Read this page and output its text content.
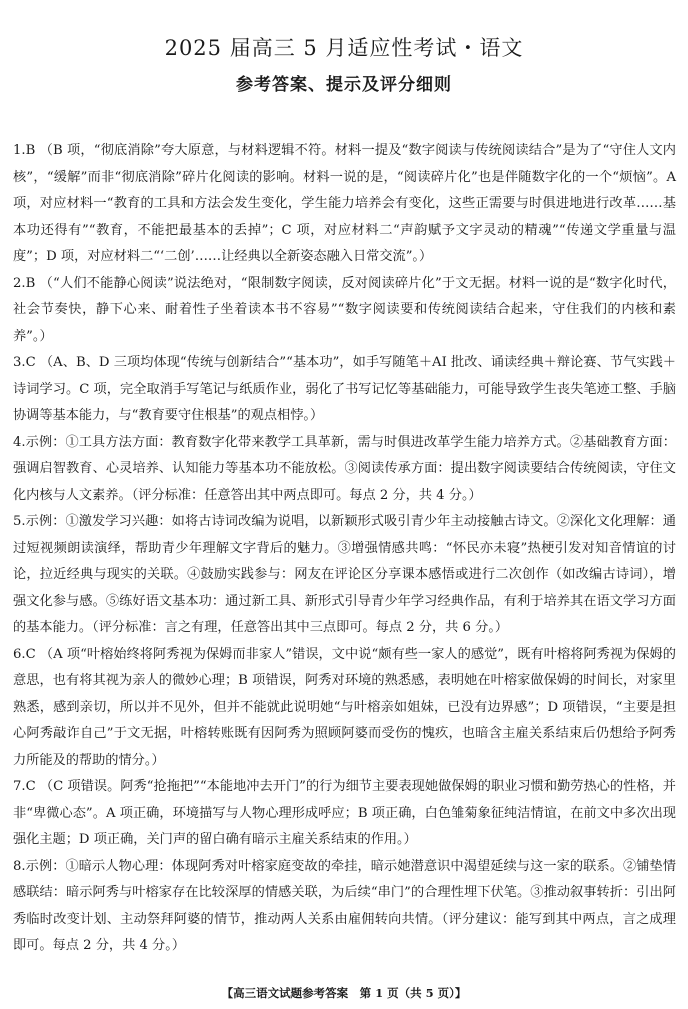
2025 届高三 5 月适应性考试・语文
参考答案、提示及评分细则

1.B （B 项，“彻底消除”夸大原意，与材料逻辑不符。材料一提及“数字阅读与传统阅读结合”是为了“守住人文内核”，“缓解”而非“彻底消除”碎片化阅读的影响。材料一说的是，“阅读碎片化”也是伴随数字化的一个“烦恼”。A 项，对应材料一“教育的工具和方法会发生变化，学生能力培养会有变化，这些正需要与时俱进地进行改革……基本功还得有”“教育，不能把最基本的丢掉”；C 项，对应材料二“声韵赋予文字灵动的精魂”“传递文学重量与温度”；D 项，对应材料二“‘二创’……让经典以全新姿态融入日常交流”。）

2.B （“人们不能静心阅读”说法绝对，“限制数字阅读，反对阅读碎片化”于文无据。材料一说的是“数字化时代，社会节奏快，静下心来、耐着性子坐着读本书不容易”“数字阅读要和传统阅读结合起来，守住我们的内核和素养”。）

3.C （A、B、D 三项均体现“传统与创新结合”“基本功”，如手写随笔＋AI 批改、诵读经典＋辩论赛、节气实践＋诗词学习。C 项，完全取消手写笔记与纸质作业，弱化了书写记忆等基础能力，可能导致学生丧失笔迹工整、手脑协调等基本能力，与“教育要守住根基”的观点相悖。）

4.示例：①工具方法方面：教育数字化带来教学工具革新，需与时俱进改革学生能力培养方式。②基础教育方面：强调启智教育、心灵培养、认知能力等基本功不能放松。③阅读传承方面：提出数字阅读要结合传统阅读，守住文化内核与人文素养。（评分标准：任意答出其中两点即可。每点 2 分，共 4 分。）

5.示例：①激发学习兴趣：如将古诗词改编为说唱，以新颖形式吸引青少年主动接触古诗文。②深化文化理解：通过短视频朗读演绎，帮助青少年理解文字背后的魅力。③增强情感共鸣：“怀民亦未寝”热梗引发对知音情谊的讨论，拉近经典与现实的关联。④鼓励实践参与：网友在评论区分享课本感悟或进行二次创作（如改编古诗词），增强文化参与感。⑤练好语文基本功：通过新工具、新形式引导青少年学习经典作品，有利于培养其在语文学习方面的基本能力。（评分标准：言之有理，任意答出其中三点即可。每点 2 分，共 6 分。）

6.C （A 项“叶榕始终将阿秀视为保姆而非家人”错误，文中说“颇有些一家人的感觉”，既有叶榕将阿秀视为保姆的意思，也有将其视为亲人的微妙心理；B 项错误，阿秀对环境的熟悉感，表明她在叶榕家做保姆的时间长，对家里熟悉，感到亲切，所以并不见外，但并不能就此说明她“与叶榕亲如姐妹，已没有边界感”；D 项错误，“主要是担心阿秀敲诈自己”于文无据，叶榕转账既有因阿秀为照顾阿婆而受伤的愧疚，也暗含主雇关系结束后仍想给予阿秀力所能及的帮助的情分。）

7.C （C 项错误。阿秀“抢拖把”“本能地冲去开门”的行为细节主要表现她做保姆的职业习惯和勤劳热心的性格，并非“卑微心态”。A 项正确，环境描写与人物心理形成呼应；B 项正确，白色雏菊象征纯洁情谊，在前文中多次出现强化主题；D 项正确，关门声的留白确有暗示主雇关系结束的作用。）

8.示例：①暗示人物心理：体现阿秀对叶榕家庭变故的牵挂，暗示她潜意识中渴望延续与这一家的联系。②铺垫情感联结：暗示阿秀与叶榕家存在比较深厚的情感关联，为后续“串门”的合理性埋下伏笔。③推动叙事转折：引出阿秀临时改变计划、主动祭拜阿婆的情节，推动两人关系由雇佣转向共情。（评分建议：能写到其中两点，言之成理即可。每点 2 分，共 4 分。）

【高三语文试题参考答案　第 1 页（共 5 页）】
